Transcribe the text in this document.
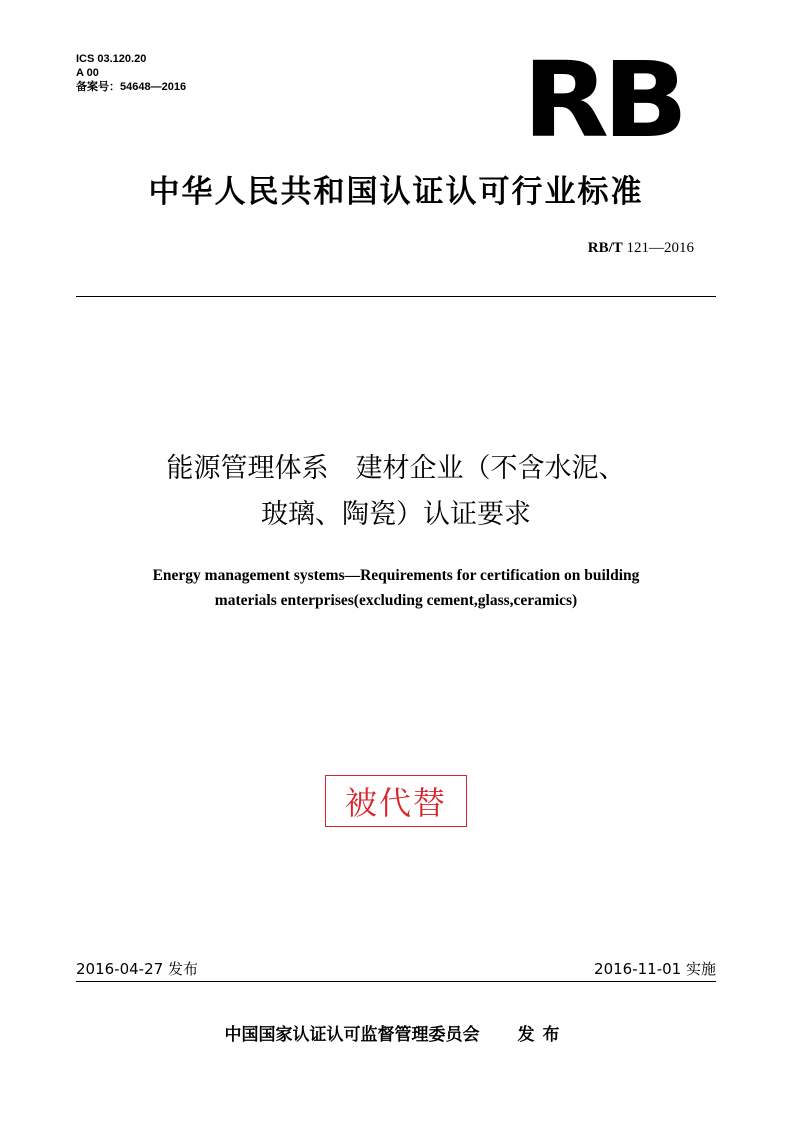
ICS 03.120.20
A 00
备案号：54648—2016	RB
中华人民共和国认证认可行业标准
RB/T 121—2016
能源管理体系　建材企业（不含水泥、
玻璃、陶瓷）认证要求
Energy management systems—Requirements for certification on building
materials enterprises(excluding cement,glass,ceramics)
被代替
2016-04-27 发布	2016-11-01 实施
中国国家认证认可监督管理委员会 发布
